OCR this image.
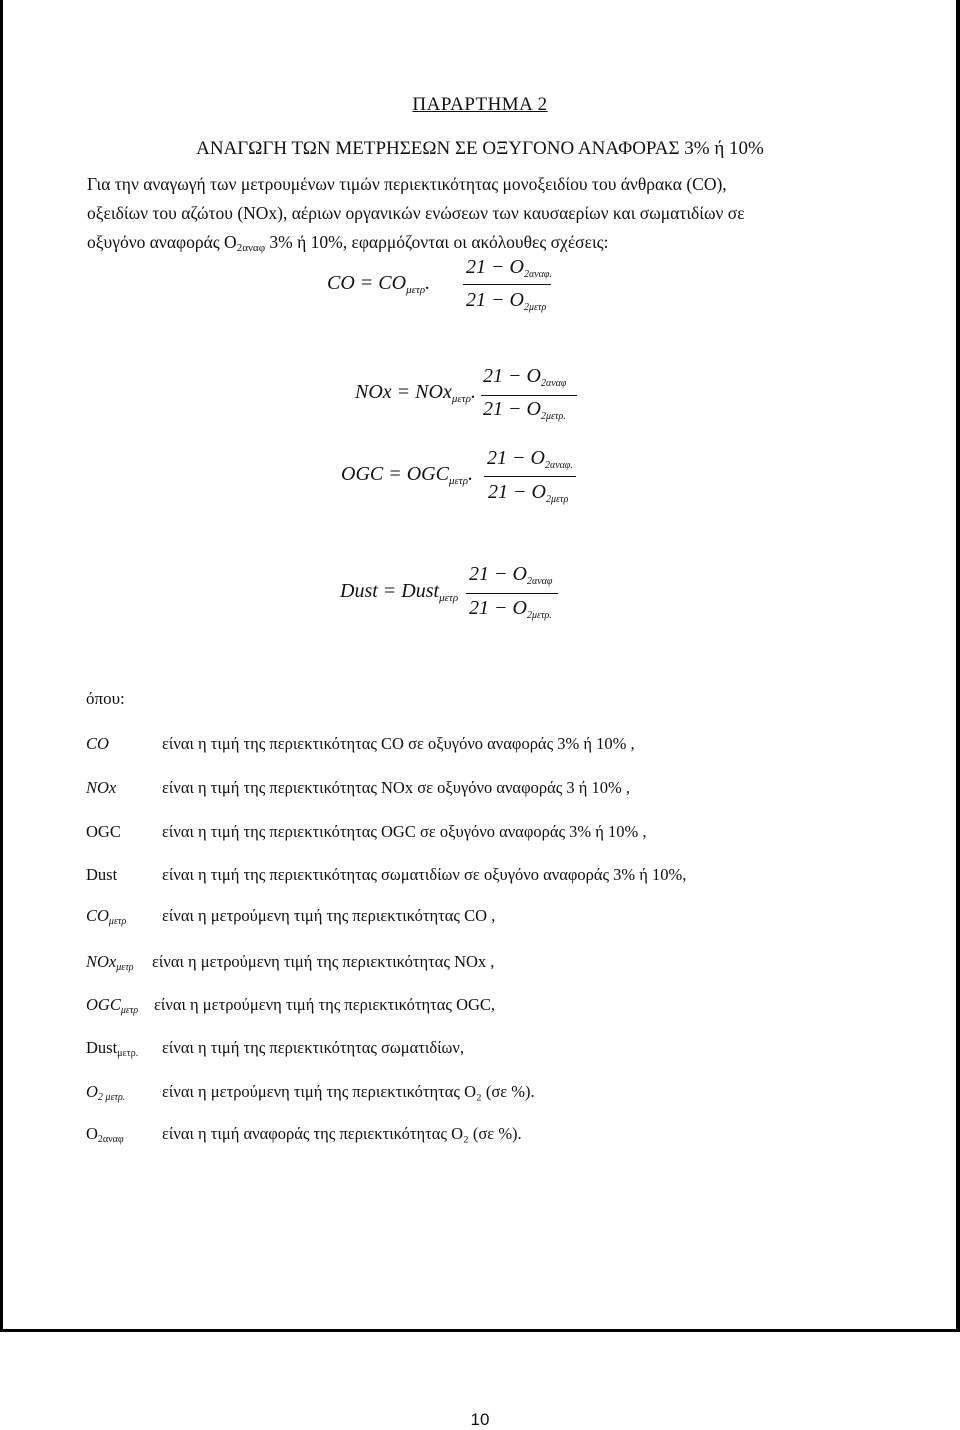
ΠΑΡΑΡΤΗΜΑ 2
ΑΝΑΓΩΓΗ ΤΩΝ ΜΕΤΡΗΣΕΩΝ ΣΕ ΟΞΥΓΟΝΟ ΑΝΑΦΟΡΑΣ 3% ή 10%
Για την αναγωγή των μετρουμένων τιμών περιεκτικότητας μονοξειδίου του άνθρακα (CO),
οξειδίων του αζώτου (NOx), αέριων οργανικών ενώσεων των καυσαερίων και σωματιδίων σε
οξυγόνο αναφοράς $O_{2\alpha\nu\alpha\varphi}$ 3% ή 10%, εφαρμόζονται οι ακόλουθες σχέσεις:
CO = $CO_{\mu\varepsilon\tau\rho}$.
$21 - O_{2\alpha\nu\alpha\varphi.}$
$21 - O_{2\mu\varepsilon\tau\rho}$
NOx = NOx$_{\mu\varepsilon\tau\rho}$.
$21 - O_{2\alpha\nu\alpha\varphi}$
$21 - O_{2\mu\varepsilon\tau\rho.}$
OGC = $OGC_{\mu\varepsilon\tau\rho}$.
$21 - O_{2\alpha\nu\alpha\varphi.}$
$21 - O_{2\mu\varepsilon\tau\rho}$
Dust = Dust$_{\mu\varepsilon\tau\rho}$
$21 - O_{2\alpha\nu\alpha\varphi}$
$21 - O_{2\mu\varepsilon\tau\rho.}$
όπου:
CO	είναι η τιμή της περιεκτικότητας CO σε οξυγόνο αναφοράς 3% ή 10% ,
NOx	είναι η τιμή της περιεκτικότητας NOx σε οξυγόνο αναφοράς 3 ή 10% ,
OGC είναι η τιμή της περιεκτικότητας OGC σε οξυγόνο αναφοράς 3% ή 10% ,
Dust	είναι η τιμή της περιεκτικότητας σωματιδίων σε οξυγόνο αναφοράς 3% ή 10%,
$CO_{\mu\varepsilon\tau\rho}$ είναι η μετρούμενη τιμή της περιεκτικότητας CO ,
NOx$_{\mu\varepsilon\tau\rho}$ είναι η μετρούμενη τιμή της περιεκτικότητας NOx ,
$OGC_{\mu\varepsilon\tau\rho}$ είναι η μετρούμενη τιμή της περιεκτικότητας OGC,
Dust$_{\mu\varepsilon\tau\rho.}$ είναι η τιμή της περιεκτικότητας σωματιδίων,
$O_{2 \mu\varepsilon\tau\rho.}$ είναι η μετρούμενη τιμή της περιεκτικότητας O₂ (σε %).
$O_{2\alpha\nu\alpha\varphi}$ είναι η τιμή αναφοράς της περιεκτικότητας O₂ (σε %).
10
